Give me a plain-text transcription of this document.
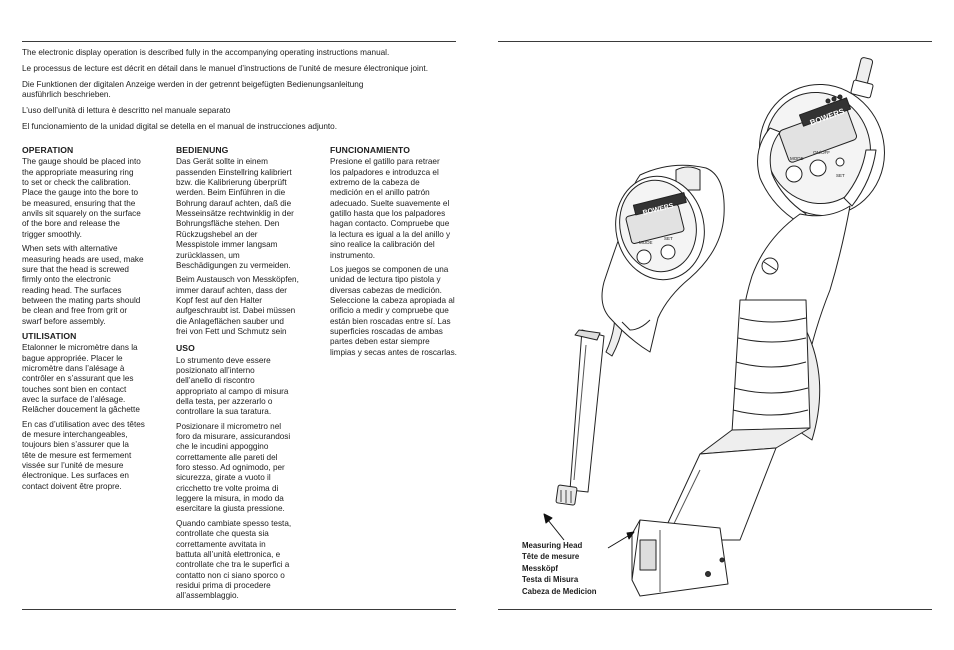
The electronic display operation is described fully in the accompanying operating instructions manual.

Le processus de lecture est décrit en détail dans le manuel d’instructions de l’unité de mesure électronique joint.

Die Funktionen der digitalen Anzeige werden in der getrennt beigefügten Bedienungsanleitung
ausführlich beschrieben.

L’uso dell’unità di lettura è descritto nel manuale separato

El funcionamiento de la unidad digital se detella en el manual de instrucciones adjunto.

OPERATION

The gauge should be placed into
the appropriate measuring ring
to set or check the calibration.
Place the gauge into the bore to
be measured, ensuring that the
anvils sit squarely on the surface
of the bore and release the
trigger smoothly.

When sets with alternative
measuring heads are used, make
sure that the head is screwed
firmly onto the electronic
reading head. The surfaces
between the mating parts should
be clean and free from grit or
swarf before assembly.

UTILISATION

Etalonner le micromètre dans la
bague appropriée. Placer le
micromètre dans l’alésage à
contrôler en s’assurant que les
touches sont bien en contact
avec la surface de l’alésage.
Relâcher doucement la gâchette

En cas d’utilisation avec des têtes
de mesure interchangeables,
toujours bien s’assurer que la
tête de mesure est fermement
vissée sur l’unité de mesure
électronique. Les surfaces en
contact doivent être propre.

BEDIENUNG

Das Gerät sollte in einem
passenden Einstellring kalibriert
bzw. die Kalibrierung überprüft
werden. Beim Einführen in die
Bohrung darauf achten, daß die
Messeinsätze rechtwinklig in der
Bohrungsfläche stehen. Den
Rückzugshebel an der
Messpistole immer langsam
zurücklassen, um
Beschädigungen zu vermeiden.

Beim Austausch von Messköpfen,
immer darauf achten, dass der
Kopf fest auf den Halter
aufgeschraubt ist. Dabei müssen
die Anlageflächen sauber und
frei von Fett und Schmutz sein

USO

Lo strumento deve essere
posizionato all’interno
dell’anello di riscontro
appropriato al campo di misura
della testa, per azzerarlo o
controllare la sua taratura.

Posizionare il micrometro nel
foro da misurare, assicurandosi
che le incudini appoggino
correttamente alle pareti del
foro stesso. Ad ognimodo, per
sicurezza, girate a vuoto il
cricchetto tre volte proima di
leggere la misura, in modo da
esercitare la giusta pressione.

Quando cambiate spesso testa,
controllate che questa sia
correttamente avvitata in
battuta all’unità elettronica, e
controllate che tra le superfici a
contatto non ci siano sporco o
residui prima di procedere
all’assemblaggio.

FUNCIONAMIENTO

Presione el gatillo para retraer
los palpadores e introduzca el
extremo de la cabeza de
medición en el anillo patrón
adecuado. Suelte suavemente el
gatillo hasta que los palpadores
hagan contacto. Compruebe que
la lectura es igual a la del anillo y
sino realice la calibración del
instrumento.

Los juegos se componen de una
unidad de lectura tipo pistola y
diversas cabezas de medición.
Seleccione la cabeza apropiada al
orificio a medir y compruebe que
están bien roscadas entre sí. Las
superficies roscadas de ambas
partes deben estar siempre
limpias y secas antes de roscarlas.

BOWERS
MODE
SET
BOWERS
MODE
ON/OFF
SET
Measuring Head
Tête de mesure
Messköpf
Testa di Misura
Cabeza de Medicion
